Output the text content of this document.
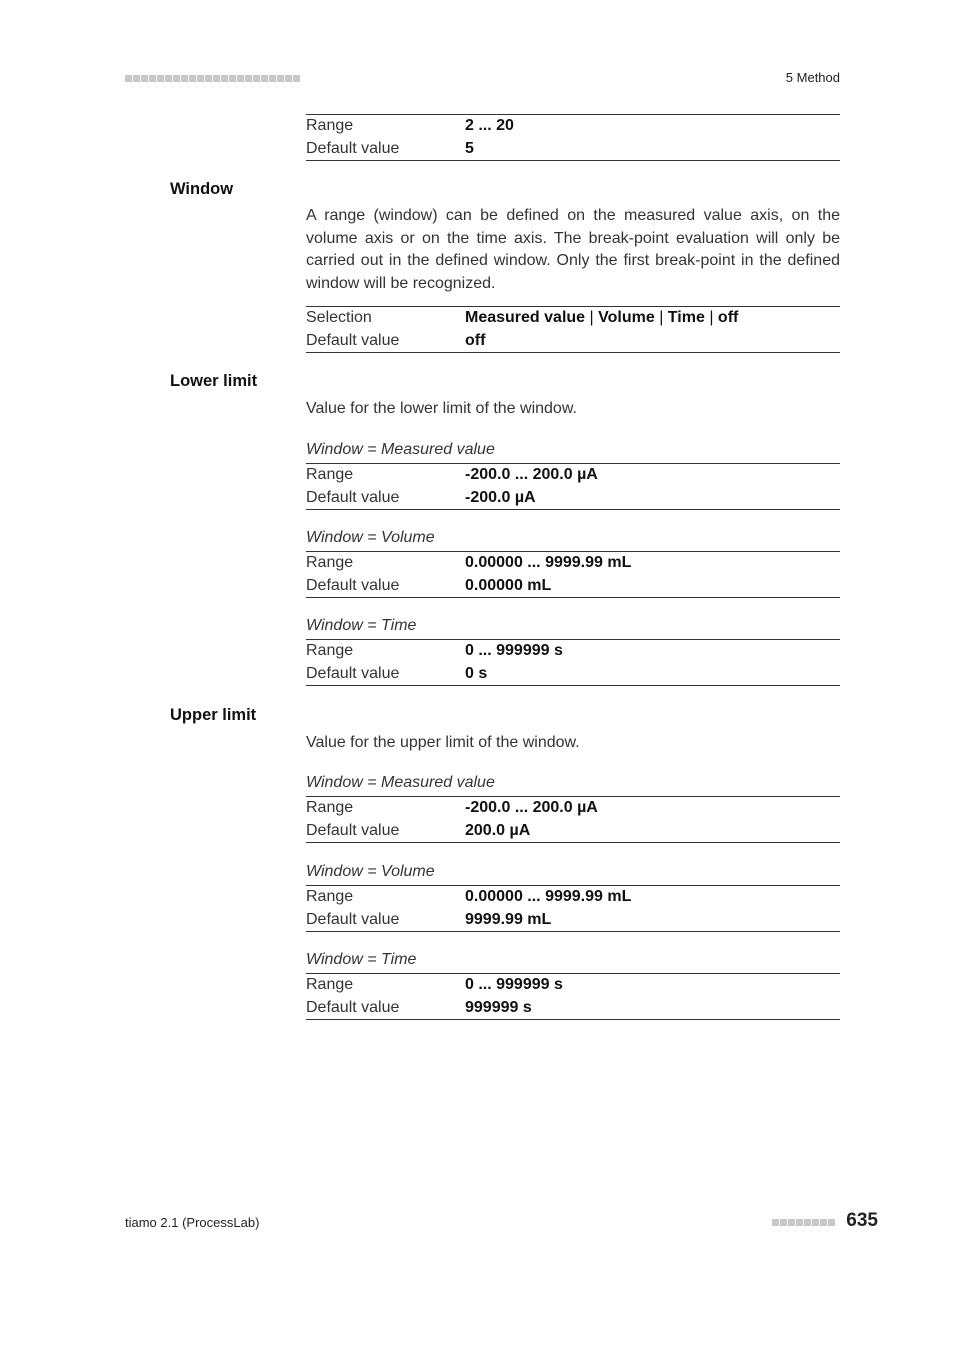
5 Method
Range	2 ... 20
Default value	5
Window
A range (window) can be defined on the measured value axis, on the volume axis or on the time axis. The break-point evaluation will only be carried out in the defined window. Only the first break-point in the defined window will be recognized.
Selection	Measured value | Volume | Time | off
Default value	off
Lower limit
Value for the lower limit of the window.
Window = Measured value
Range	-200.0 ... 200.0 µA
Default value	-200.0 µA
Window = Volume
Range	0.00000 ... 9999.99 mL
Default value	0.00000 mL
Window = Time
Range	0 ... 999999 s
Default value	0 s
Upper limit
Value for the upper limit of the window.
Window = Measured value
Range	-200.0 ... 200.0 µA
Default value	200.0 µA
Window = Volume
Range	0.00000 ... 9999.99 mL
Default value	9999.99 mL
Window = Time
Range	0 ... 999999 s
Default value	999999 s
tiamo 2.1 (ProcessLab)	635
